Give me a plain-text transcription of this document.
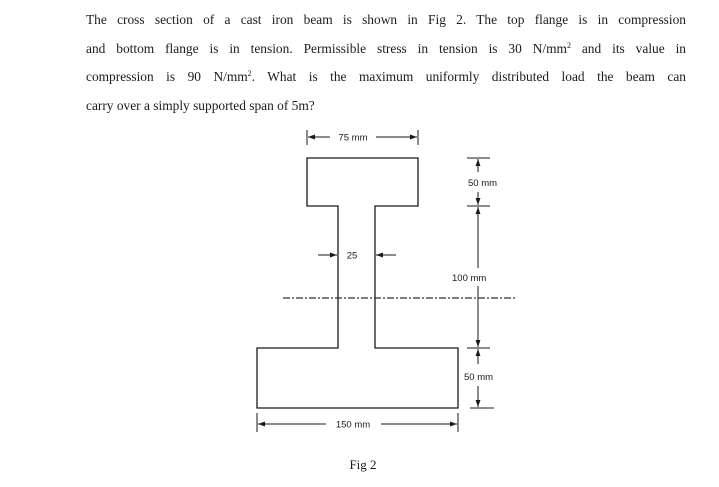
The cross section of a cast iron beam is shown in Fig 2. The top flange is in compression
and bottom flange is in tension. Permissible stress in tension is 30 $N/mm^2$ and its value in
compression is 90 $N/mm^2$. What is the maximum uniformly distributed load the beam can
carry over a simply supported span of 5m?
75 mm
50 mm
100 mm
50 mm
25
150 mm
Fig 2
